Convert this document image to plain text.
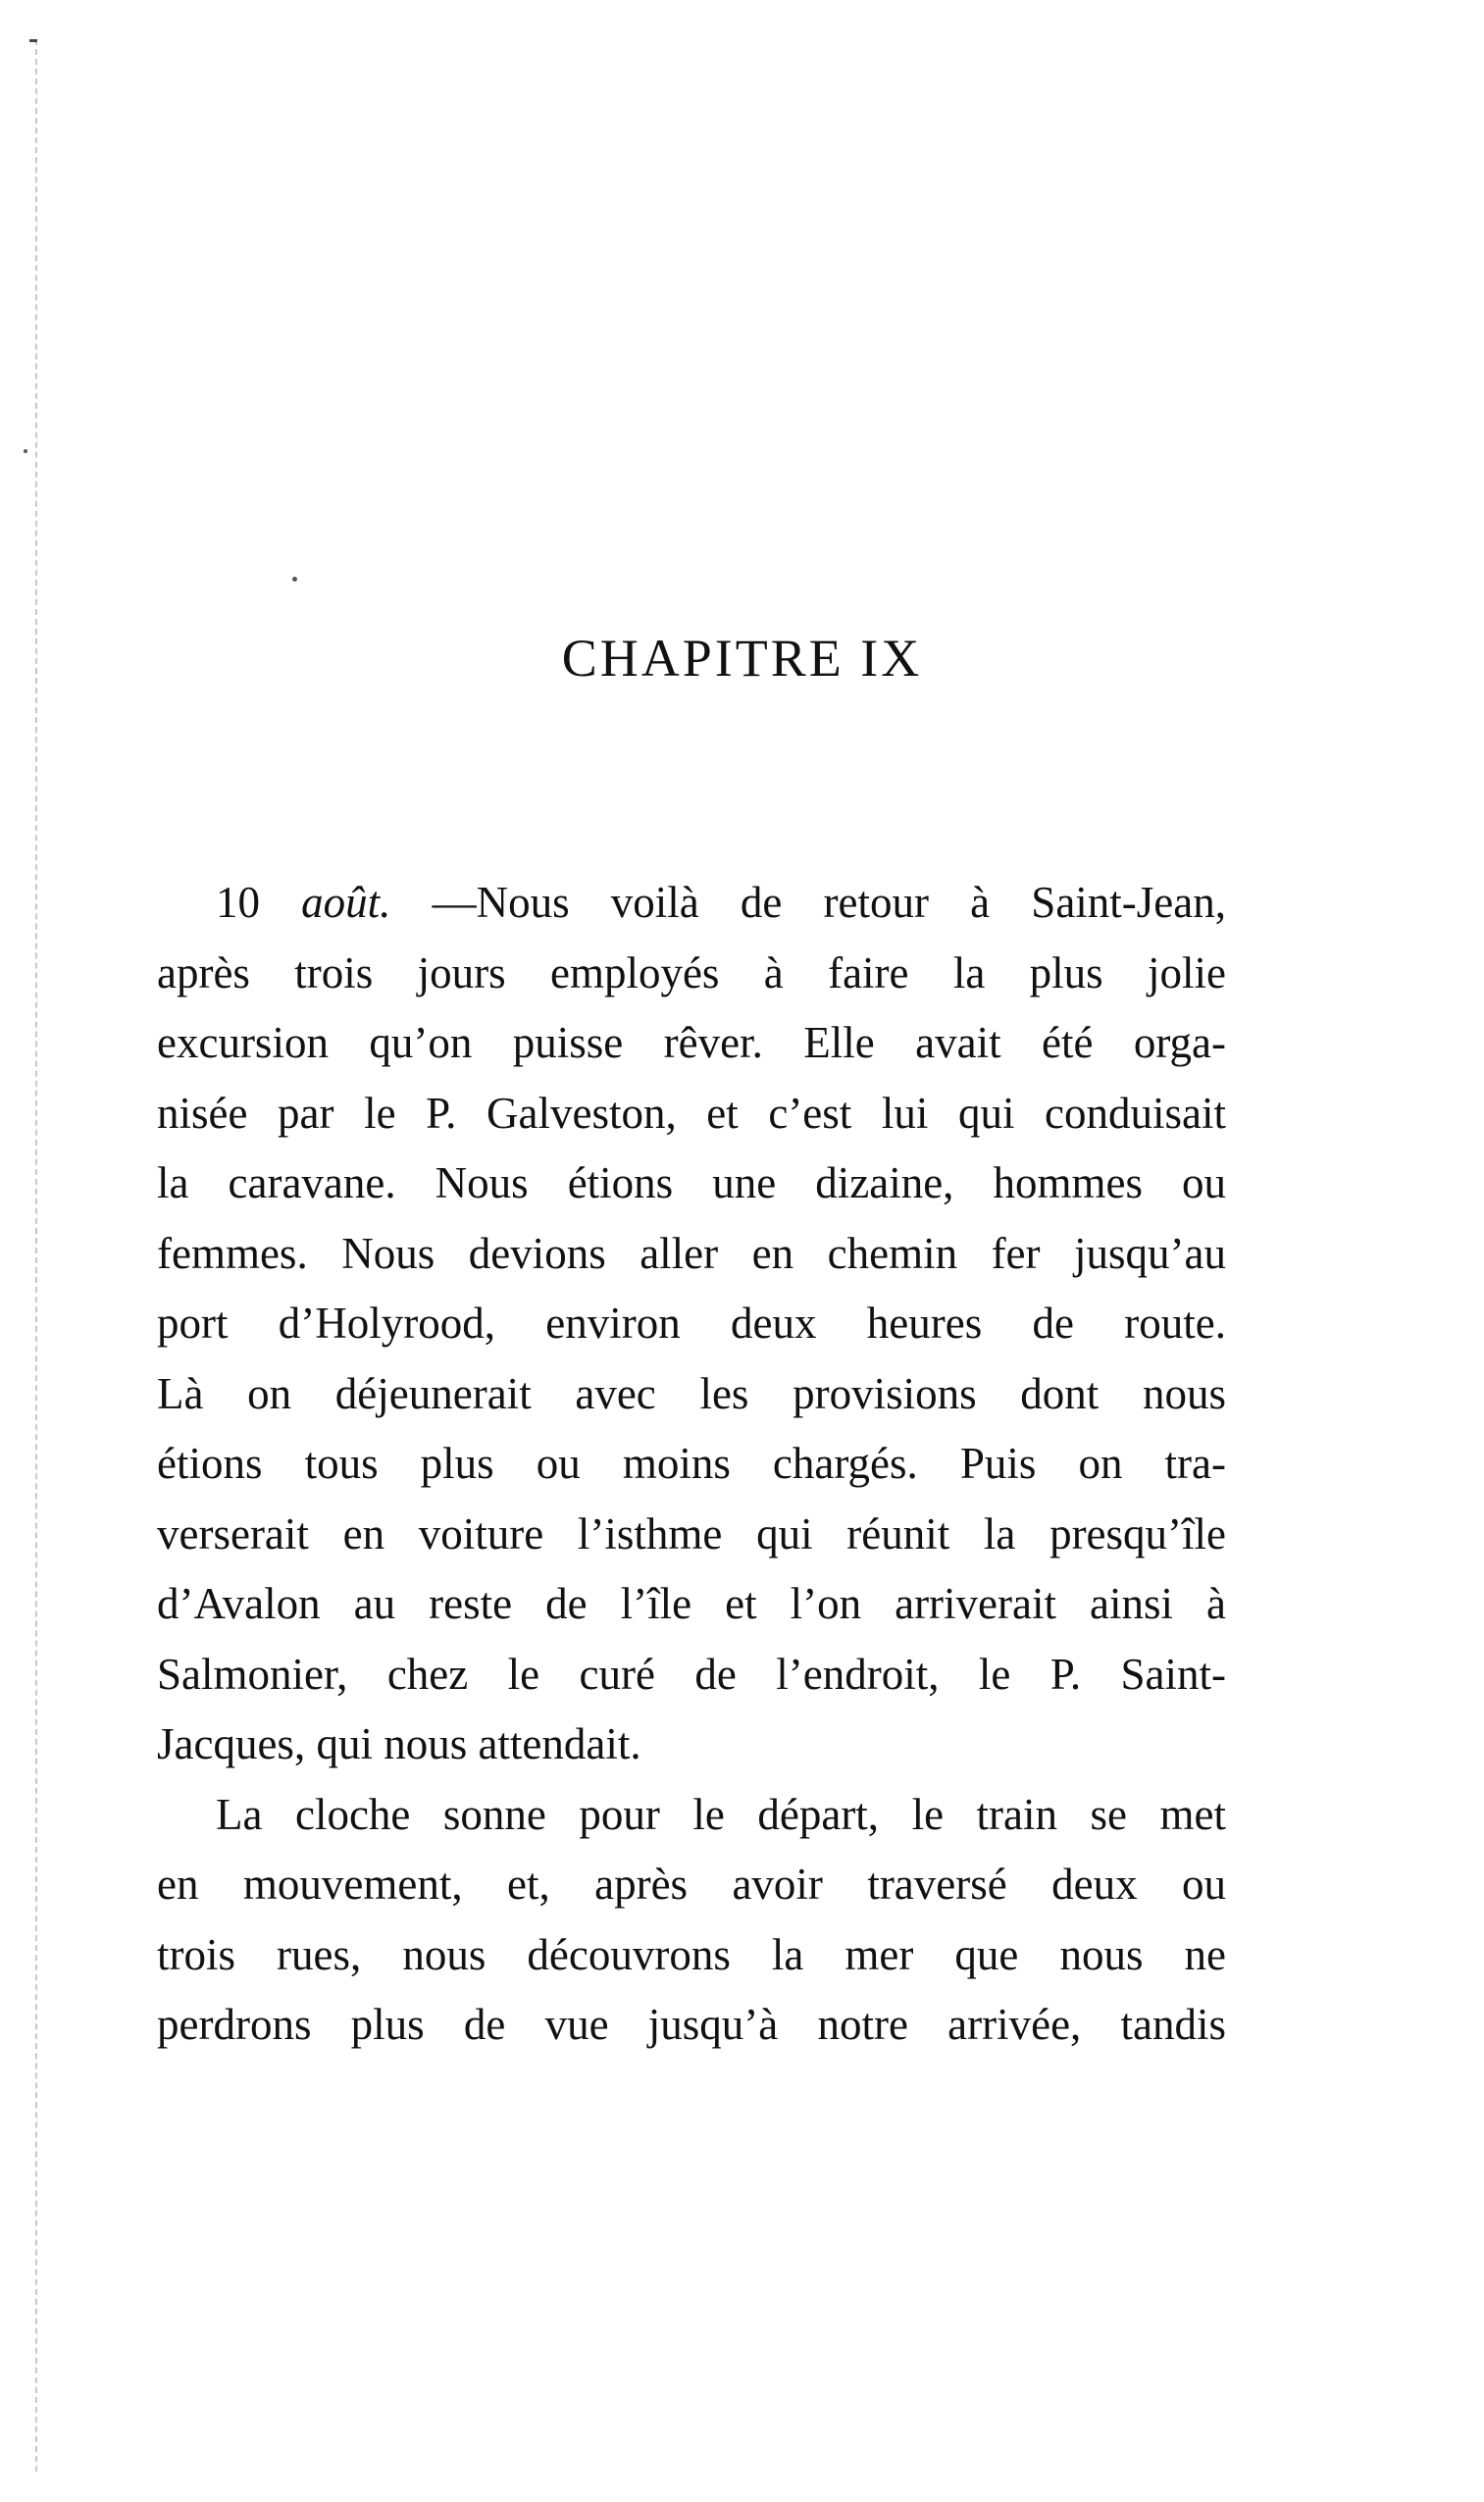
CHAPITRE IX
10 août. —Nous voilà de retour à Saint-Jean,
après trois jours employés à faire la plus jolie
excursion qu’on puisse rêver. Elle avait été orga-
nisée par le P. Galveston, et c’est lui qui conduisait
la caravane. Nous étions une dizaine, hommes ou
femmes. Nous devions aller en chemin fer jusqu’au
port d’Holyrood, environ deux heures de route.
Là on déjeunerait avec les provisions dont nous
étions tous plus ou moins chargés. Puis on tra-
verserait en voiture l’isthme qui réunit la presqu’île
d’Avalon au reste de l’île et l’on arriverait ainsi à
Salmonier, chez le curé de l’endroit, le P. Saint-
Jacques, qui nous attendait.
La cloche sonne pour le départ, le train se met
en mouvement, et, après avoir traversé deux ou
trois rues, nous découvrons la mer que nous ne
perdrons plus de vue jusqu’à notre arrivée, tandis
